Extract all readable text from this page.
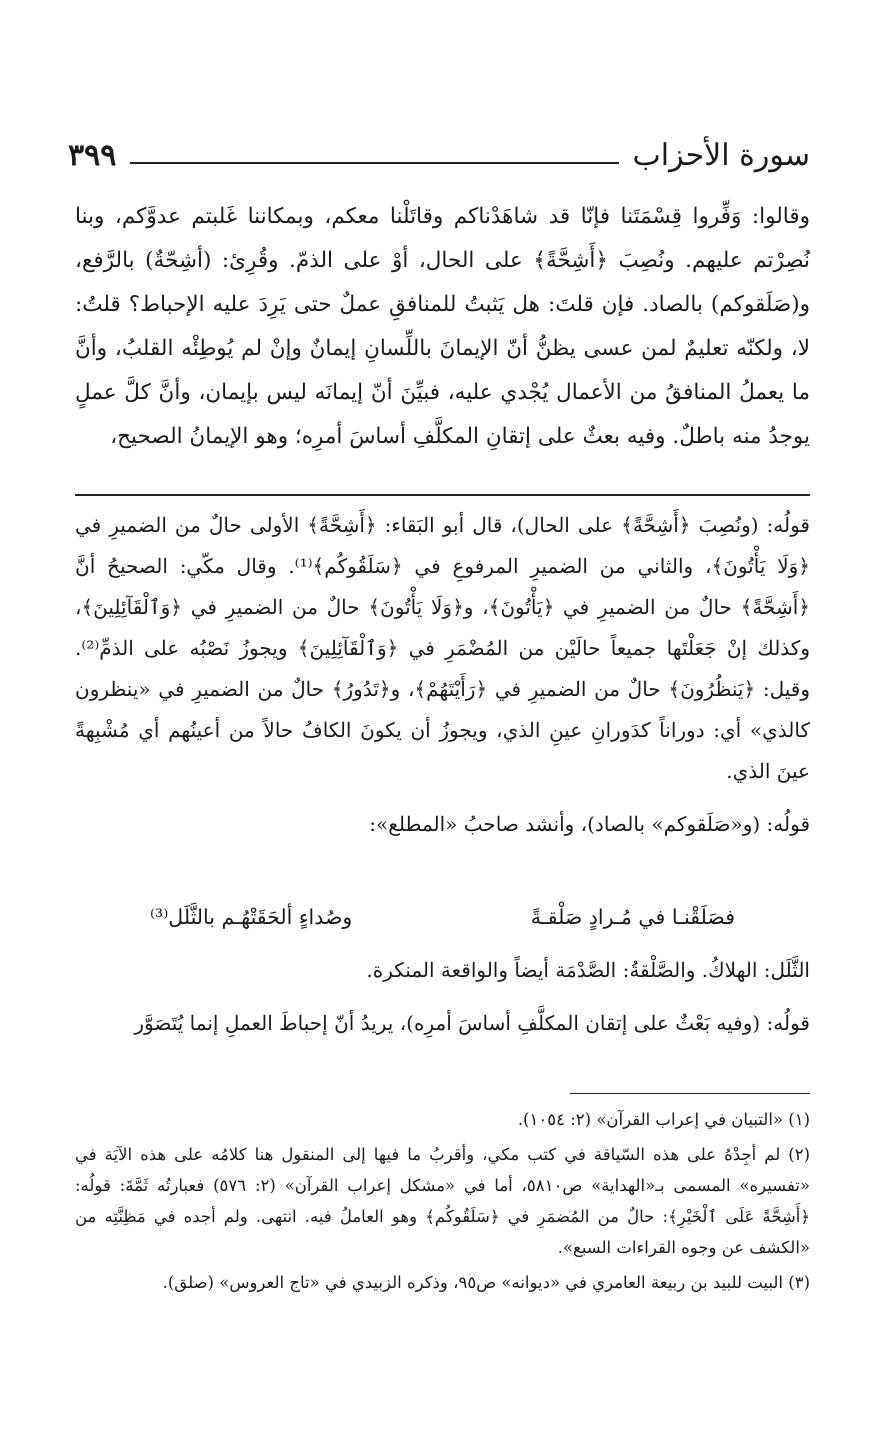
سورة الأحزاب
٣٩٩

وقالوا: وَفِّروا قِسْمَتَنا فإنّا قد شاهَدْناكم وقاتَلْنا معكم، وبمكاننا غَلبتم عدوَّكم، وبنا نُصِرْتم عليهم. ونُصِبَ ﴿أَشِحَّةً﴾ على الحال، أوْ على الذمّ. وقُرِئ: (أشِحّةٌ) بالرَّفع، و(صَلَقوكم) بالصاد. فإن قلتَ: هل يَثبتُ للمنافقِ عملٌ حتى يَرِدَ عليه الإحباط؟ قلتُ: لا، ولكنّه تعليمٌ لمن عسى يظنُّ أنّ الإيمانَ باللِّسانِ إيمانٌ وإنْ لم يُوطِئْه القلبُ، وأنَّ ما يعملُ المنافقُ من الأعمال يُجْدي عليه، فبيِّنَ أنّ إيمانَه ليس بإيمان، وأنَّ كلَّ عملٍ يوجدُ منه باطلٌ. وفيه بعثٌ على إتقانِ المكلَّفِ أساسَ أمرِه؛ وهو الإيمانُ الصحيح،

قولُه: (ونُصِبَ ﴿أَشِحَّةً﴾ على الحال)، قال أبو البَقاء: ﴿أَشِحَّةً﴾ الأولى حالٌ من الضميرِ في ﴿وَلَا يَأْتُونَ﴾، والثاني من الضميرِ المرفوعِ في ﴿سَلَقُوكُم﴾⁽¹⁾. وقال مكّي: الصحيحُ أنَّ ﴿أَشِحَّةً﴾ حالٌ من الضميرِ في ﴿يَأْتُونَ﴾، و﴿وَلَا يَأْتُونَ﴾ حالٌ من الضميرِ في ﴿وَٱلْقَآئِلِينَ﴾، وكذلك إنْ جَعَلْتَها جميعاً حالَيْن من المُضْمَرِ في ﴿وَٱلْقَآئِلِينَ﴾ ويجوزُ نَصْبُه على الذمِّ⁽²⁾. وقيل: ﴿يَنظُرُونَ﴾ حالٌ من الضميرِ في ﴿رَأَيْتَهُمْ﴾، و﴿تَدُورُ﴾ حالٌ من الضميرِ في «ينظرون كالذي» أي: دوراناً كدَورانِ عينِ الذي، ويجوزُ أن يكونَ الكافُ حالاً من أعينُهم أي مُشْبِهةً عينَ الذي.

قولُه: (و«صَلَقوكم» بالصاد)، وأنشد صاحبُ «المطلع»:

فصَلَقْنـا في مُـرادٍ صَلْقـةً
وصُداءٍ ألحَقَتْهُـم بالثَّلَل⁽³⁾

الثَّلَل: الهلاكُ. والصَّلْقةُ: الصَّدْمَة أيضاً والواقعة المنكرة.

قولُه: (وفيه بَعْثٌ على إتقان المكلَّفِ أساسَ أمرِه)، يريدُ أنّ إحباطَ العملِ إنما يُتَصَوَّر

(١) «التبيان في إعراب القرآن» (٢: ١٠٥٤).

(٢) لم أجِدْهُ على هذه السّياقة في كتب مكي، وأقربُ ما فيها إلى المنقول هنا كلامُه على هذه الآيَة في «تفسيره» المسمى بـ«الهداية» ص٥٨١٠، أما في «مشكل إعراب القرآن» (٢: ٥٧٦) فعبارتُه ثَمَّةَ: قولُه: ﴿أَشِحَّةً عَلَى ٱلْخَيْرِ﴾: حالٌ من المُضمَرِ في ﴿سَلَقُوكُم﴾ وهو العاملُ فيه. انتهى. ولم أجده في مَظِنَّتِه من «الكشف عن وجوه القراءات السبع».

(٣) البيت للبيد بن ربيعة العامري في «ديوانه» ص٩٥، وذكره الزبيدي في «تاج العروس» (صلق).
